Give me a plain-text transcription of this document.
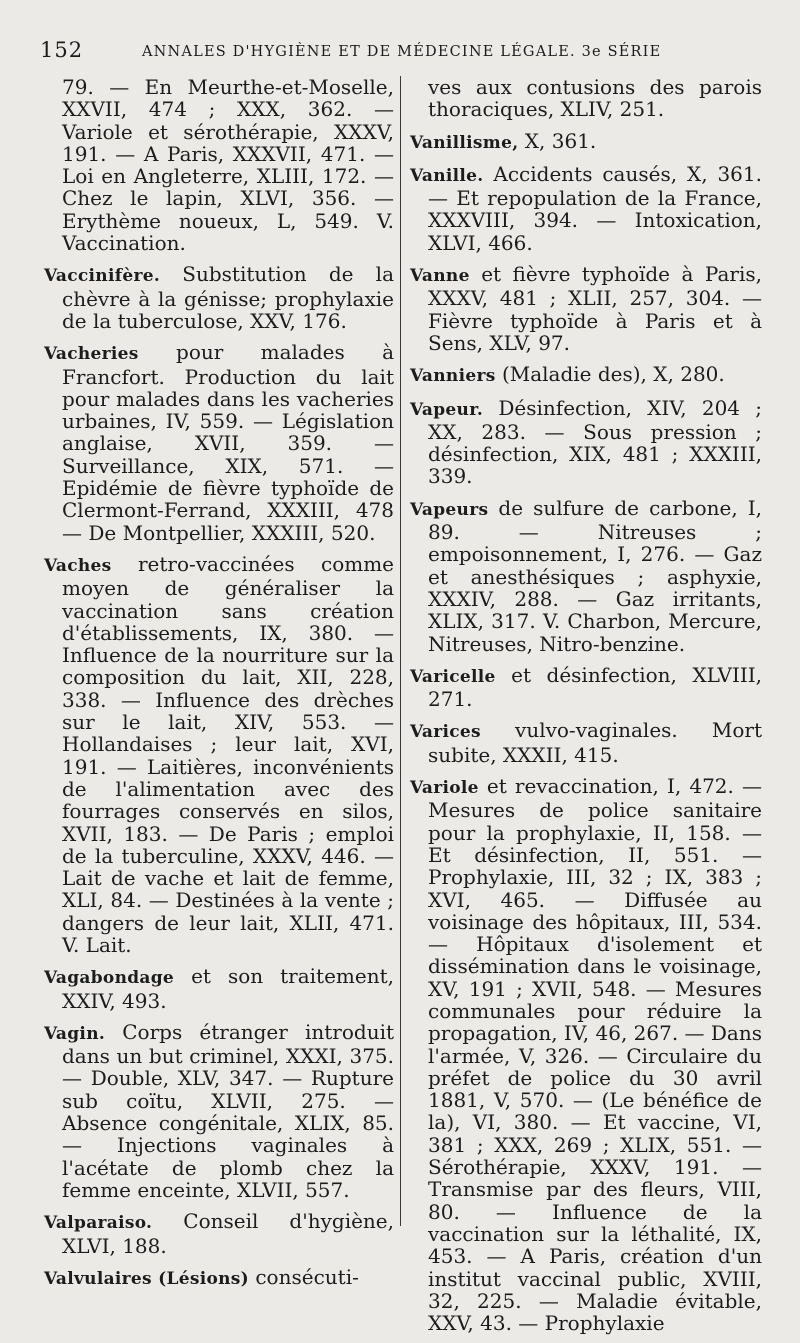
152	ANNALES D'HYGIÈNE ET DE MÉDECINE LÉGALE. 3e SÉRIE

79. — En Meurthe-et-Moselle, XXVII, 474 ; XXX, 362. — Variole et sérothérapie, XXXV, 191. — A Paris, XXXVII, 471. — Loi en Angleterre, XLIII, 172. — Chez le lapin, XLVI, 356. — Erythème noueux, L, 549. V. Vaccination.

Vaccinifère. Substitution de la chèvre à la génisse; prophylaxie de la tuberculose, XXV, 176.

Vacheries pour malades à Francfort. Production du lait pour malades dans les vacheries urbaines, IV, 559. — Législation anglaise, XVII, 359. — Surveillance, XIX, 571. — Epidémie de fièvre typhoïde de Clermont-Ferrand, XXXIII, 478 — De Montpellier, XXXIII, 520.

Vaches retro-vaccinées comme moyen de généraliser la vaccination sans création d'établissements, IX, 380. — Influence de la nourriture sur la composition du lait, XII, 228, 338. — Influence des drèches sur le lait, XIV, 553. — Hollandaises ; leur lait, XVI, 191. — Laitières, inconvénients de l'alimentation avec des fourrages conservés en silos, XVII, 183. — De Paris ; emploi de la tuberculine, XXXV, 446. — Lait de vache et lait de femme, XLI, 84. — Destinées à la vente ; dangers de leur lait, XLII, 471. V. Lait.

Vagabondage et son traitement, XXIV, 493.

Vagin. Corps étranger introduit dans un but criminel, XXXI, 375. — Double, XLV, 347. — Rupture sub coïtu, XLVII, 275. — Absence congénitale, XLIX, 85. — Injections vaginales à l'acétate de plomb chez la femme enceinte, XLVII, 557.

Valparaiso. Conseil d'hygiène, XLVI, 188.

Valvulaires (Lésions) consécuti-

ves aux contusions des parois thoraciques, XLIV, 251.

Vanillisme, X, 361.

Vanille. Accidents causés, X, 361. — Et repopulation de la France, XXXVIII, 394. — Intoxication, XLVI, 466.

Vanne et fièvre typhoïde à Paris, XXXV, 481 ; XLII, 257, 304. — Fièvre typhoïde à Paris et à Sens, XLV, 97.

Vanniers (Maladie des), X, 280.

Vapeur. Désinfection, XIV, 204 ; XX, 283. — Sous pression ; désinfection, XIX, 481 ; XXXIII, 339.

Vapeurs de sulfure de carbone, I, 89. — Nitreuses ; empoisonnement, I, 276. — Gaz et anesthésiques ; asphyxie, XXXIV, 288. — Gaz irritants, XLIX, 317. V. Charbon, Mercure, Nitreuses, Nitro-benzine.

Varicelle et désinfection, XLVIII, 271.

Varices vulvo-vaginales. Mort subite, XXXII, 415.

Variole et revaccination, I, 472. — Mesures de police sanitaire pour la prophylaxie, II, 158. — Et désinfection, II, 551. — Prophylaxie, III, 32 ; IX, 383 ; XVI, 465. — Diffusée au voisinage des hôpitaux, III, 534. — Hôpitaux d'isolement et dissémination dans le voisinage, XV, 191 ; XVII, 548. — Mesures communales pour réduire la propagation, IV, 46, 267. — Dans l'armée, V, 326. — Circulaire du préfet de police du 30 avril 1881, V, 570. — (Le bénéfice de la), VI, 380. — Et vaccine, VI, 381 ; XXX, 269 ; XLIX, 551. — Sérothérapie, XXXV, 191. — Transmise par des fleurs, VIII, 80. — Influence de la vaccination sur la léthalité, IX, 453. — A Paris, création d'un institut vaccinal public, XVIII, 32, 225. — Maladie évitable, XXV, 43. — Prophylaxie
